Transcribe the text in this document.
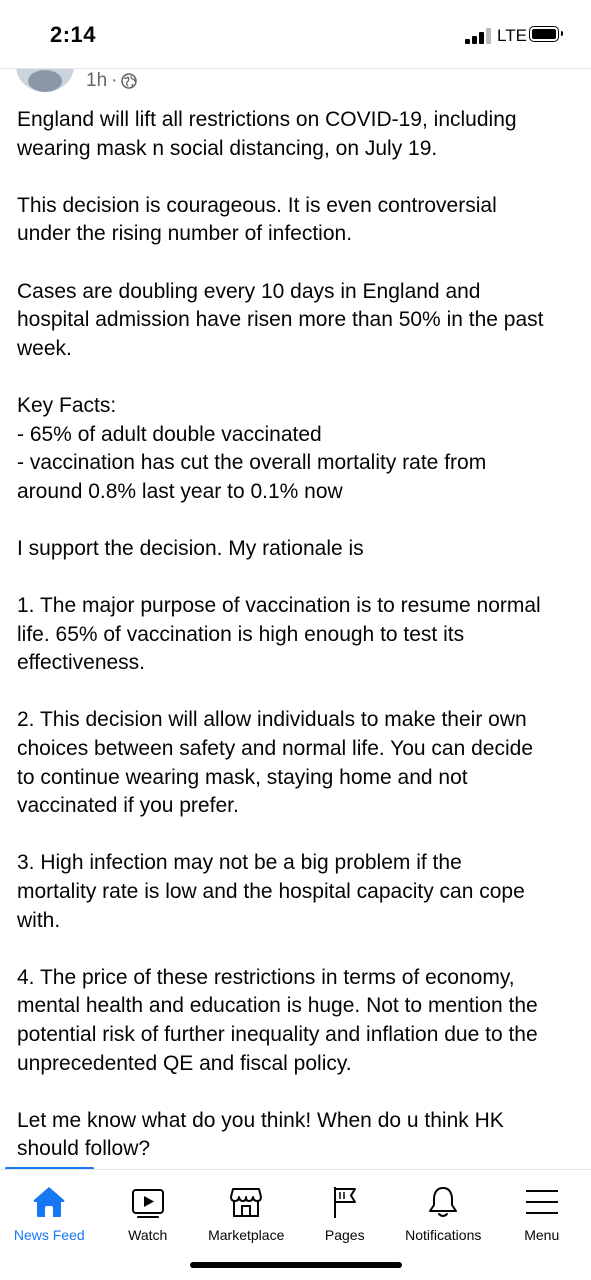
2:14	LTE
1h ·

England will lift all restrictions on COVID-19, including
wearing mask n social distancing, on July 19.

This decision is courageous. It is even controversial
under the rising number of infection.

Cases are doubling every 10 days in England and
hospital admission have risen more than 50% in the past
week.

Key Facts:
- 65% of adult double vaccinated
- vaccination has cut the overall mortality rate from
around 0.8% last year to 0.1% now

I support the decision. My rationale is

1. The major purpose of vaccination is to resume normal
life. 65% of vaccination is high enough to test its
effectiveness.

2. This decision will allow individuals to make their own
choices between safety and normal life. You can decide
to continue wearing mask, staying home and not
vaccinated if you prefer.

3. High infection may not be a big problem if the
mortality rate is low and the hospital capacity can cope
with.

4. The price of these restrictions in terms of economy,
mental health and education is huge. Not to mention the
potential risk of further inequality and inflation due to the
unprecedented QE and fiscal policy.

Let me know what do you think! When do u think HK
should follow?

News Feed	Watch	Marketplace	Pages	Notifications	Menu
